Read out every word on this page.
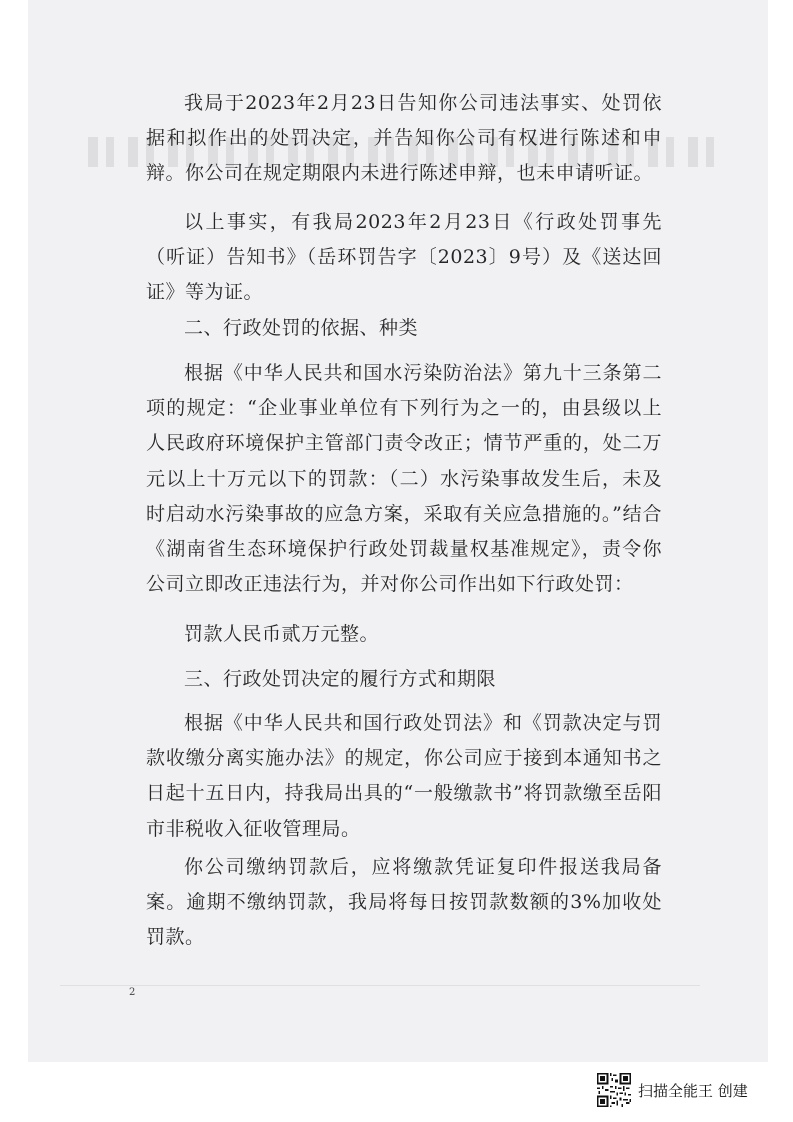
我局于2023年2月23日告知你公司违法事实、处罚依据和拟作出的处罚决定，并告知你公司有权进行陈述和申辩。你公司在规定期限内未进行陈述申辩，也未申请听证。

以上事实，有我局2023年2月23日《行政处罚事先（听证）告知书》（岳环罚告字〔2023〕9号）及《送达回证》等为证。

二、行政处罚的依据、种类

根据《中华人民共和国水污染防治法》第九十三条第二项的规定：“企业事业单位有下列行为之一的，由县级以上人民政府环境保护主管部门责令改正；情节严重的，处二万元以上十万元以下的罚款：（二）水污染事故发生后，未及时启动水污染事故的应急方案，采取有关应急措施的。”结合《湖南省生态环境保护行政处罚裁量权基准规定》，责令你公司立即改正违法行为，并对你公司作出如下行政处罚：

罚款人民币贰万元整。

三、行政处罚决定的履行方式和期限

根据《中华人民共和国行政处罚法》和《罚款决定与罚款收缴分离实施办法》的规定，你公司应于接到本通知书之日起十五日内，持我局出具的“一般缴款书”将罚款缴至岳阳市非税收入征收管理局。

你公司缴纳罚款后，应将缴款凭证复印件报送我局备案。逾期不缴纳罚款，我局将每日按罚款数额的3%加收处罚款。

2
扫描全能王 创建
